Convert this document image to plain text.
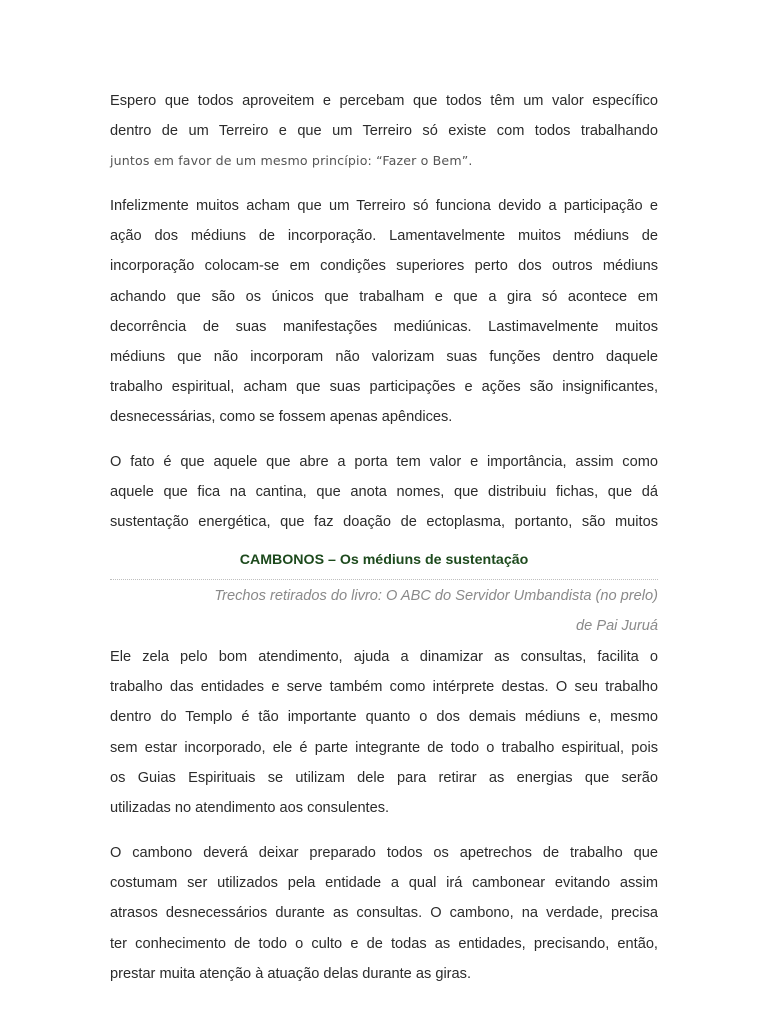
Espero que todos aproveitem e percebam que todos têm um valor específico
dentro de um Terreiro e que um Terreiro só existe com todos trabalhando
juntos em favor de um mesmo princípio: “Fazer o Bem”.
Infelizmente muitos acham que um Terreiro só funciona devido a participação e
ação dos médiuns de incorporação. Lamentavelmente muitos médiuns de
incorporação colocam-se em condições superiores perto dos outros médiuns
achando que são os únicos que trabalham e que a gira só acontece em
decorrência de suas manifestações mediúnicas. Lastimavelmente muitos
médiuns que não incorporam não valorizam suas funções dentro daquele
trabalho espiritual, acham que suas participações e ações são insignificantes,
desnecessárias, como se fossem apenas apêndices.
O fato é que aquele que abre a porta tem valor e importância, assim como
aquele que fica na cantina, que anota nomes, que distribuiu fichas, que dá
sustentação energética, que faz doação de ectoplasma, portanto, são muitos
CAMBONOS – Os médiuns de sustentação
Trechos retirados do livro: O ABC do Servidor Umbandista (no prelo)
de Pai Juruá
Ele zela pelo bom atendimento, ajuda a dinamizar as consultas, facilita o
trabalho das entidades e serve também como intérprete destas. O seu trabalho
dentro do Templo é tão importante quanto o dos demais médiuns e, mesmo
sem estar incorporado, ele é parte integrante de todo o trabalho espiritual, pois
os Guias Espirituais se utilizam dele para retirar as energias que serão
utilizadas no atendimento aos consulentes.
O cambono deverá deixar preparado todos os apetrechos de trabalho que
costumam ser utilizados pela entidade a qual irá cambonear evitando assim
atrasos desnecessários durante as consultas. O cambono, na verdade, precisa
ter conhecimento de todo o culto e de todas as entidades, precisando, então,
prestar muita atenção à atuação delas durante as giras.
